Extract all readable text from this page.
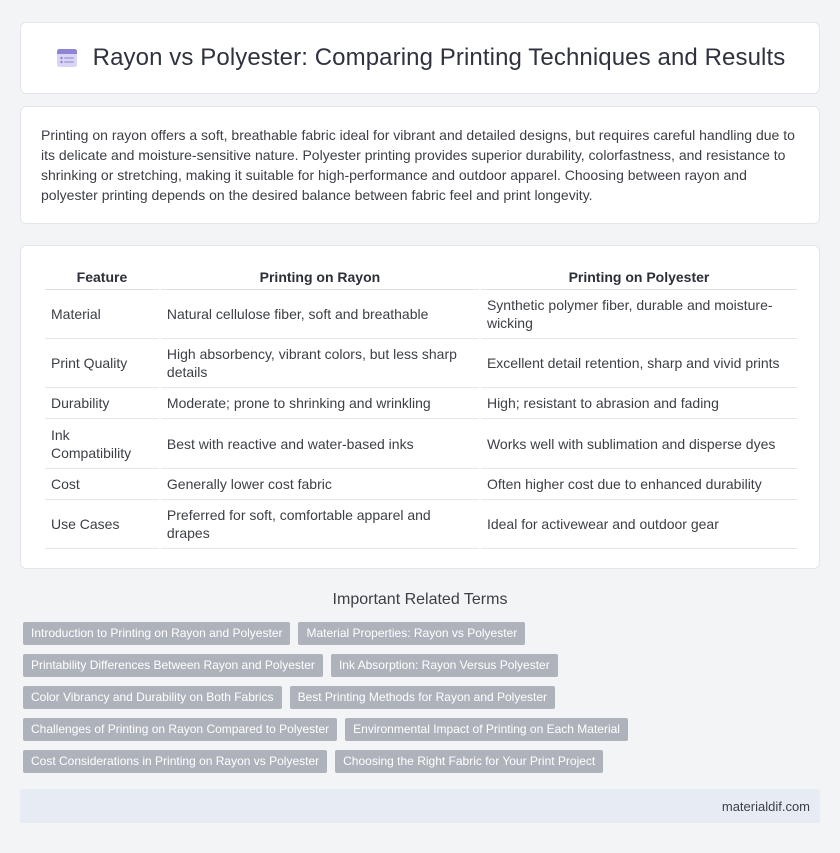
Rayon vs Polyester: Comparing Printing Techniques and Results

Printing on rayon offers a soft, breathable fabric ideal for vibrant and detailed designs, but requires careful handling due to its delicate and moisture-sensitive nature. Polyester printing provides superior durability, colorfastness, and resistance to shrinking or stretching, making it suitable for high-performance and outdoor apparel. Choosing between rayon and polyester printing depends on the desired balance between fabric feel and print longevity.

Feature	Printing on Rayon	Printing on Polyester
Material	Natural cellulose fiber, soft and breathable	Synthetic polymer fiber, durable and moisture-wicking
Print Quality	High absorbency, vibrant colors, but less sharp details	Excellent detail retention, sharp and vivid prints
Durability	Moderate; prone to shrinking and wrinkling	High; resistant to abrasion and fading
Ink Compatibility	Best with reactive and water-based inks	Works well with sublimation and disperse dyes
Cost	Generally lower cost fabric	Often higher cost due to enhanced durability
Use Cases	Preferred for soft, comfortable apparel and drapes	Ideal for activewear and outdoor gear
Important Related Terms
Introduction to Printing on Rayon and Polyester	Material Properties: Rayon vs Polyester
Printability Differences Between Rayon and Polyester	Ink Absorption: Rayon Versus Polyester
Color Vibrancy and Durability on Both Fabrics	Best Printing Methods for Rayon and Polyester
Challenges of Printing on Rayon Compared to Polyester	Environmental Impact of Printing on Each Material
Cost Considerations in Printing on Rayon vs Polyester	Choosing the Right Fabric for Your Print Project
materialdif.com
